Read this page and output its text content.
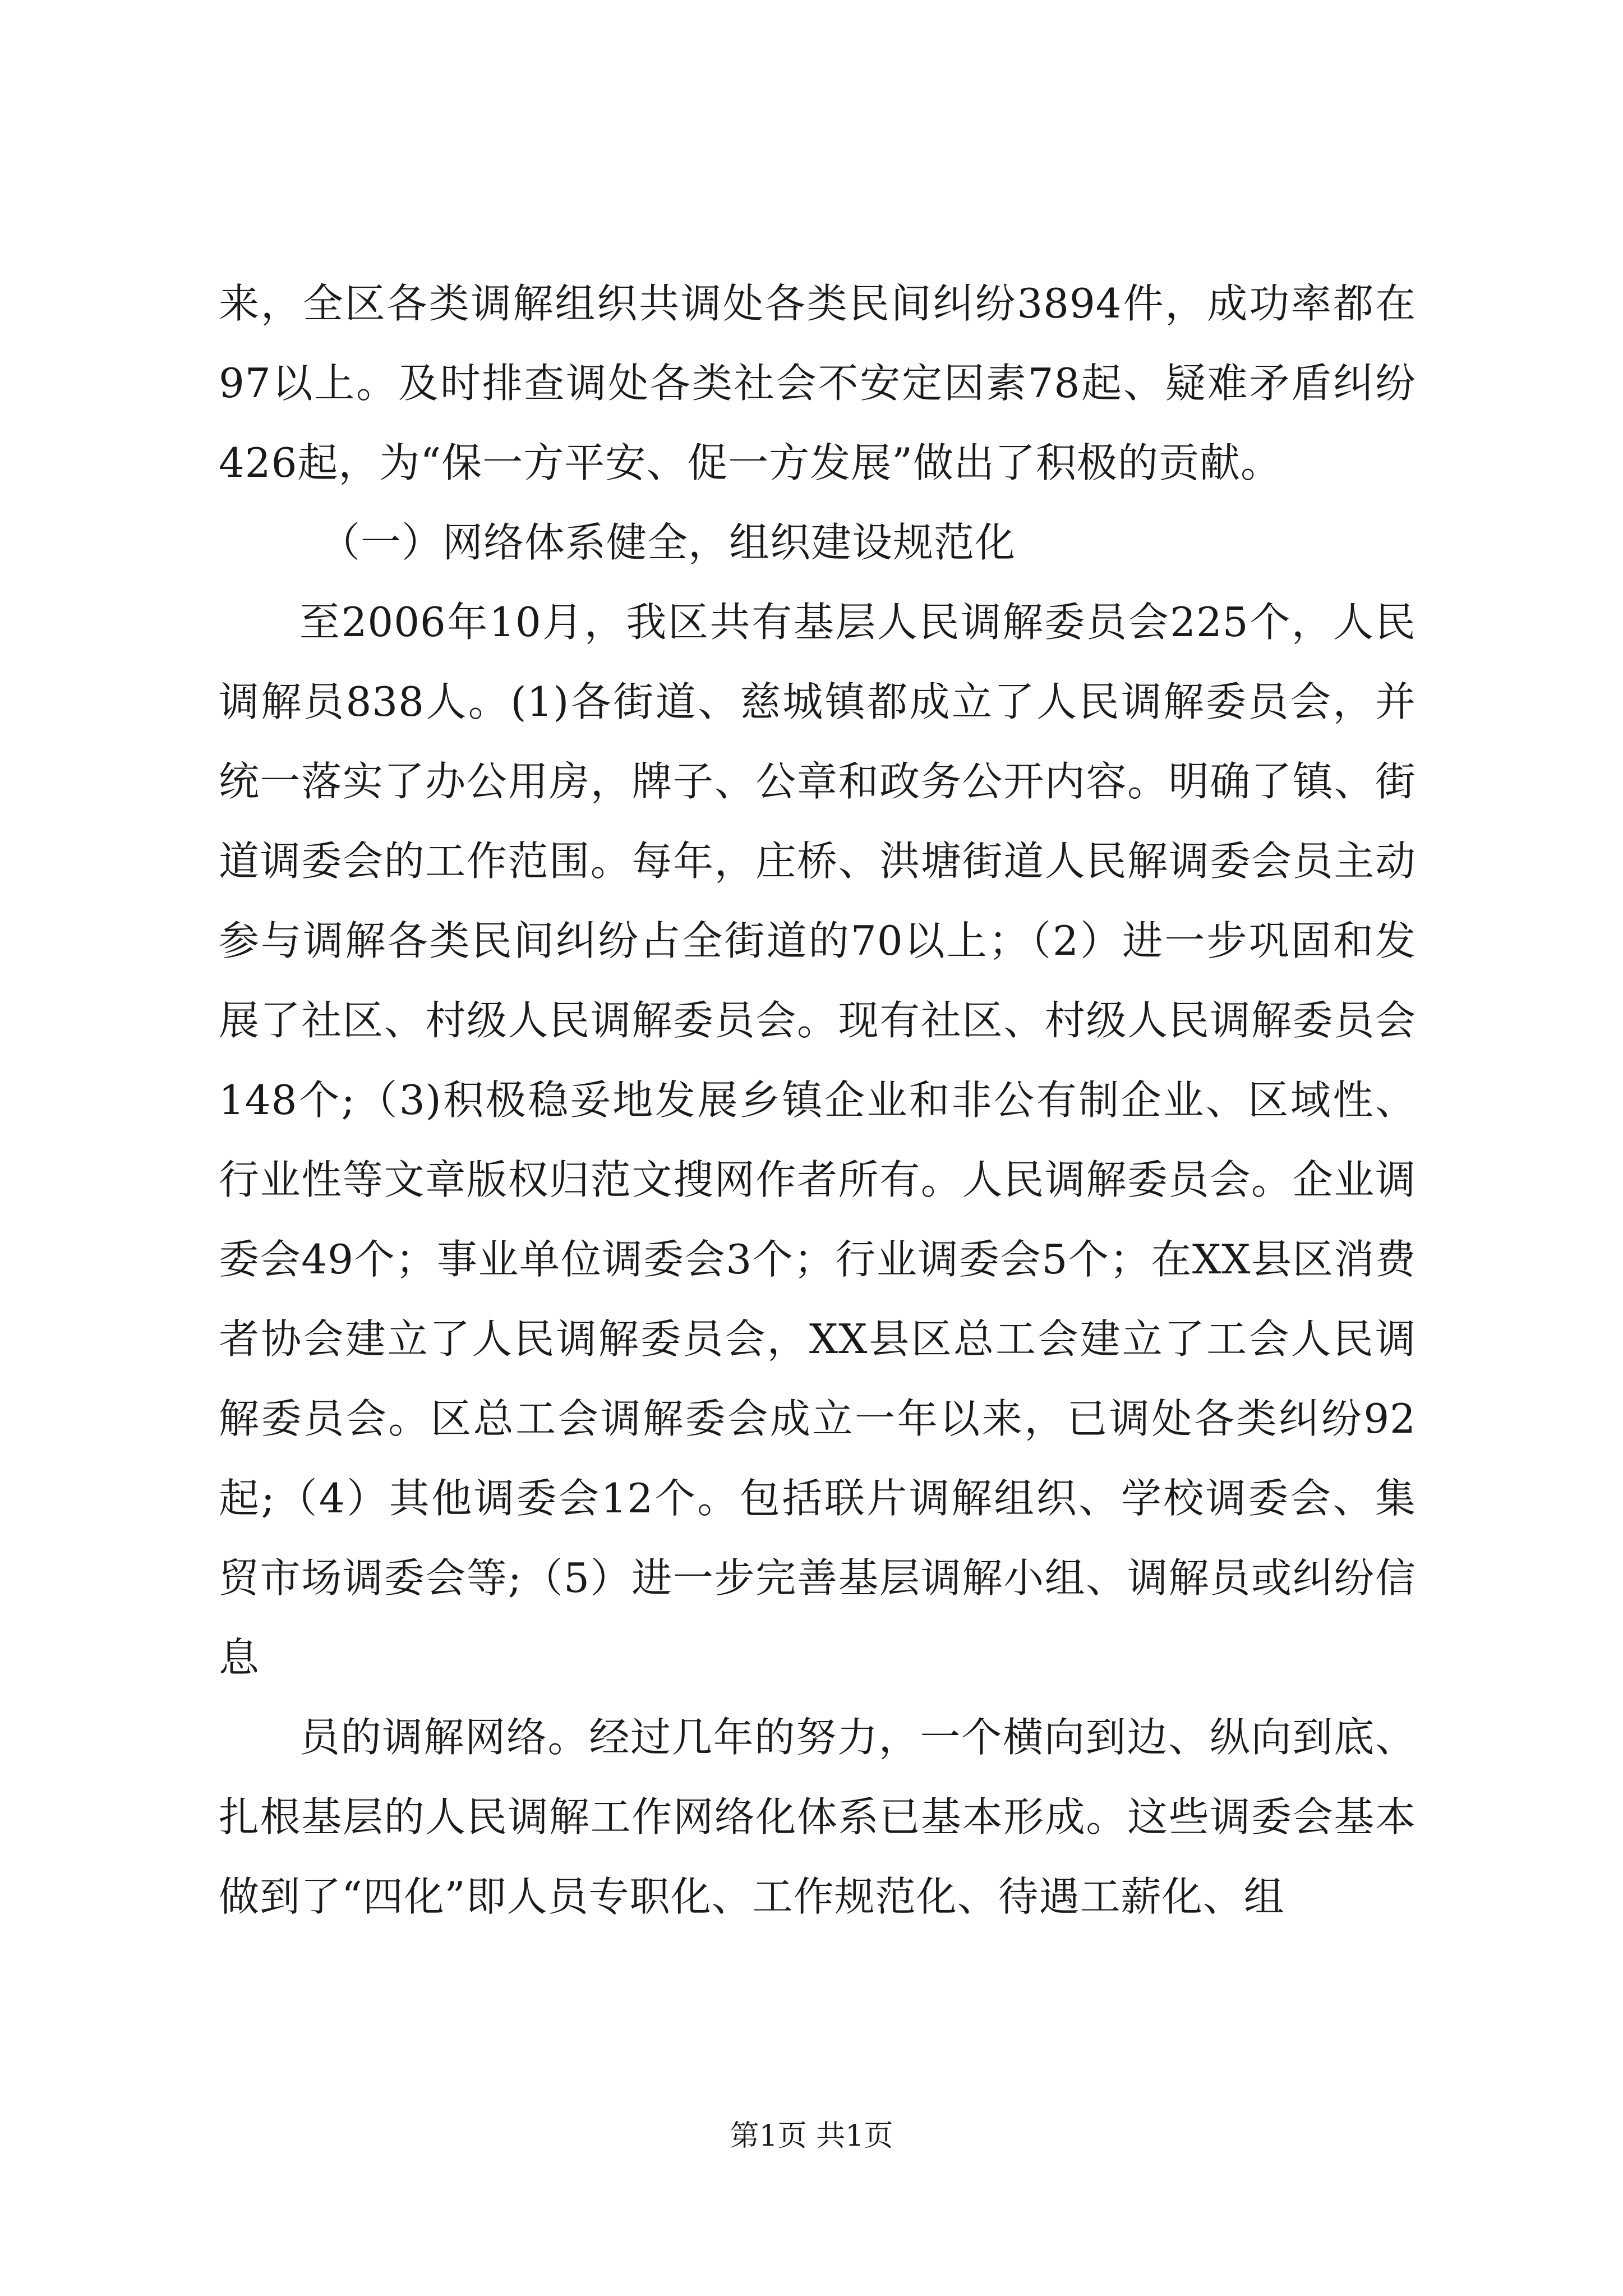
来，全区各类调解组织共调处各类民间纠纷3894件，成功率都在97以上。及时排查调处各类社会不安定因素78起、疑难矛盾纠纷426起，为“保一方平安、促一方发展”做出了积极的贡献。

（一）网络体系健全，组织建设规范化

至2006年10月，我区共有基层人民调解委员会225个，人民调解员838人。(1)各街道、慈城镇都成立了人民调解委员会，并统一落实了办公用房，牌子、公章和政务公开内容。明确了镇、街道调委会的工作范围。每年，庄桥、洪塘街道人民解调委会员主动参与调解各类民间纠纷占全街道的70以上；（2）进一步巩固和发展了社区、村级人民调解委员会。现有社区、村级人民调解委员会148个;（3)积极稳妥地发展乡镇企业和非公有制企业、区域性、行业性等文章版权归范文搜网作者所有。人民调解委员会。企业调委会49个；事业单位调委会3个；行业调委会5个；在XX县区消费者协会建立了人民调解委员会，XX县区总工会建立了工会人民调解委员会。区总工会调解委会成立一年以来，已调处各类纠纷92起;（4）其他调委会12个。包括联片调解组织、学校调委会、集贸市场调委会等;（5）进一步完善基层调解小组、调解员或纠纷信息

员的调解网络。经过几年的努力，一个横向到边、纵向到底、扎根基层的人民调解工作网络化体系已基本形成。这些调委会基本做到了“四化”即人员专职化、工作规范化、待遇工薪化、组

第1页 共1页
